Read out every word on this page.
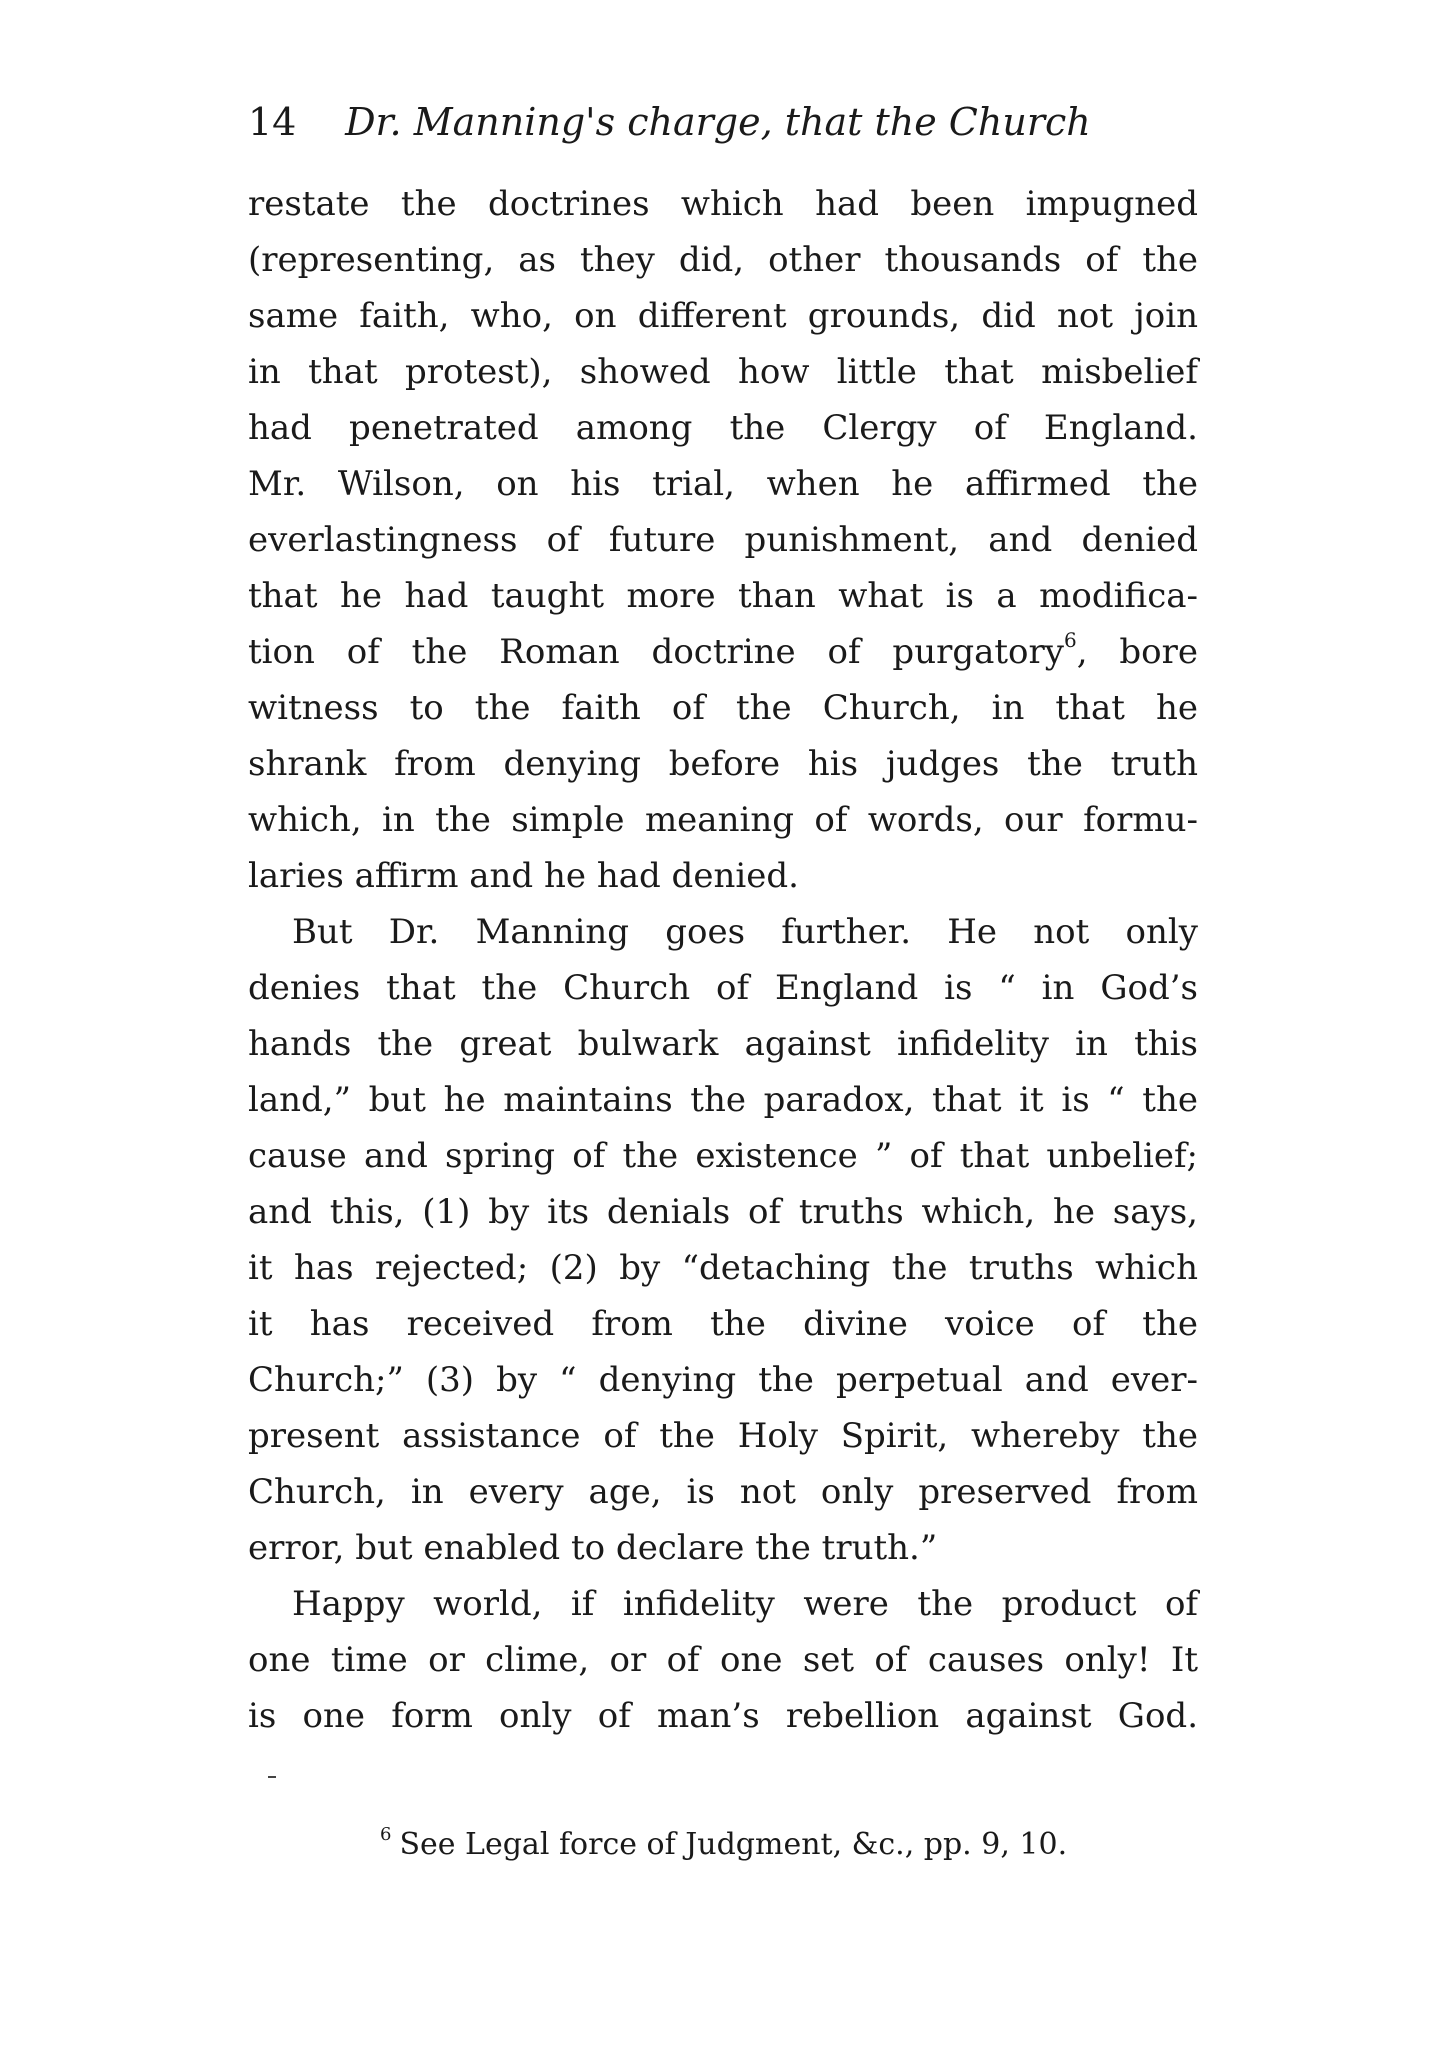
14 Dr. Manning's charge, that the Church
restate the doctrines which had been impugned
(representing, as they did, other thousands of the
same faith, who, on different grounds, did not join
in that protest), showed how little that misbelief
had penetrated among the Clergy of England.
Mr. Wilson, on his trial, when he affirmed the
everlastingness of future punishment, and denied
that he had taught more than what is a modifica-
tion of the Roman doctrine of purgatory$^6$, bore
witness to the faith of the Church, in that he
shrank from denying before his judges the truth
which, in the simple meaning of words, our formu-
laries affirm and he had denied.
But Dr. Manning goes further. He not only
denies that the Church of England is “ in God’s
hands the great bulwark against infidelity in this
land,” but he maintains the paradox, that it is “ the
cause and spring of the existence ” of that unbelief;
and this, (1) by its denials of truths which, he says,
it has rejected; (2) by “detaching the truths which
it has received from the divine voice of the
Church;” (3) by “ denying the perpetual and ever-
present assistance of the Holy Spirit, whereby the
Church, in every age, is not only preserved from
error, but enabled to declare the truth.”
Happy world, if infidelity were the product of
one time or clime, or of one set of causes only! It
is one form only of man’s rebellion against God.
$^6$ See Legal force of Judgment, &c., pp. 9, 10.
